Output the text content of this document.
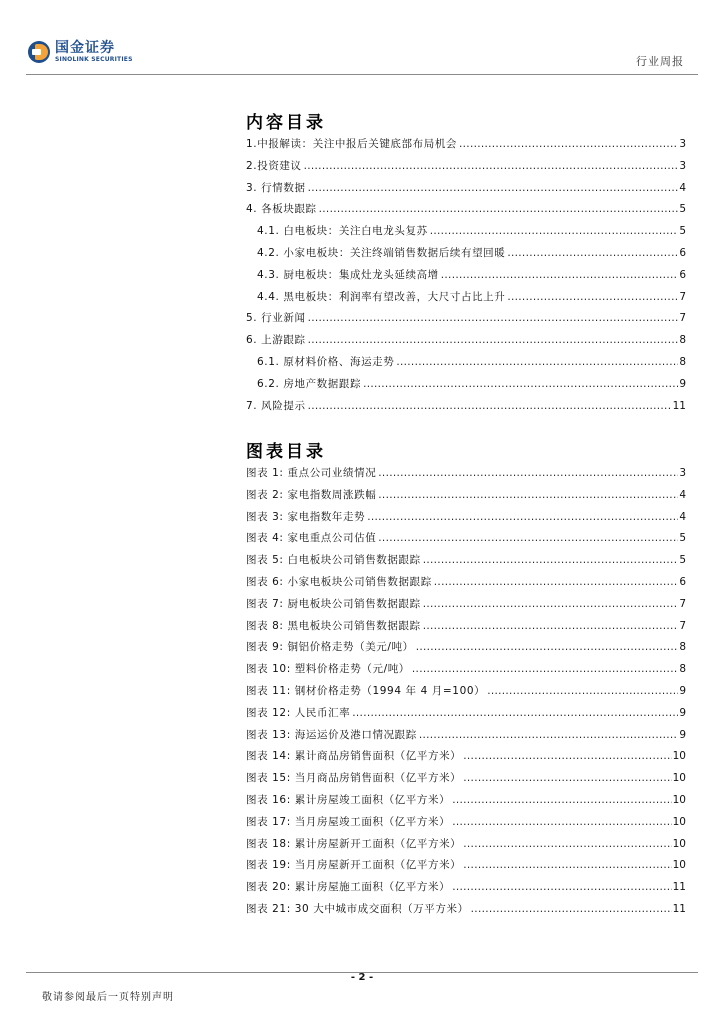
国金证券
SINOLINK SECURITIES	行业周报
内容目录
1.中报解读：关注中报后关键底部布局机会 .....	3
2.投资建议 .....	3
3. 行情数据 .....	4
4. 各板块跟踪 .....	5
4.1. 白电板块：关注白电龙头复苏 .....	5
4.2. 小家电板块：关注终端销售数据后续有望回暖 .....	6
4.3. 厨电板块：集成灶龙头延续高增 .....	6
4.4. 黑电板块：利润率有望改善，大尺寸占比上升 .....	7
5. 行业新闻 .....	7
6. 上游跟踪 .....	8
6.1. 原材料价格、海运走势 .....	8
6.2. 房地产数据跟踪 .....	9
7. 风险提示 .....	11
图表目录
图表 1: 重点公司业绩情况 .....	3
图表 2: 家电指数周涨跌幅 .....	4
图表 3: 家电指数年走势 .....	4
图表 4: 家电重点公司估值 .....	5
图表 5: 白电板块公司销售数据跟踪 .....	5
图表 6: 小家电板块公司销售数据跟踪 .....	6
图表 7: 厨电板块公司销售数据跟踪 .....	7
图表 8: 黑电板块公司销售数据跟踪 .....	7
图表 9: 铜铝价格走势（美元/吨） .....	8
图表 10: 塑料价格走势（元/吨） .....	8
图表 11: 钢材价格走势（1994 年 4 月=100） .....	9
图表 12: 人民币汇率 .....	9
图表 13: 海运运价及港口情况跟踪 .....	9
图表 14: 累计商品房销售面积（亿平方米） .....	10
图表 15: 当月商品房销售面积（亿平方米） .....	10
图表 16: 累计房屋竣工面积（亿平方米） .....	10
图表 17: 当月房屋竣工面积（亿平方米） .....	10
图表 18: 累计房屋新开工面积（亿平方米） .....	10
图表 19: 当月房屋新开工面积（亿平方米） .....	10
图表 20: 累计房屋施工面积（亿平方米） .....	11
图表 21: 30 大中城市成交面积（万平方米） .....	11
- 2 -
敬请参阅最后一页特别声明
